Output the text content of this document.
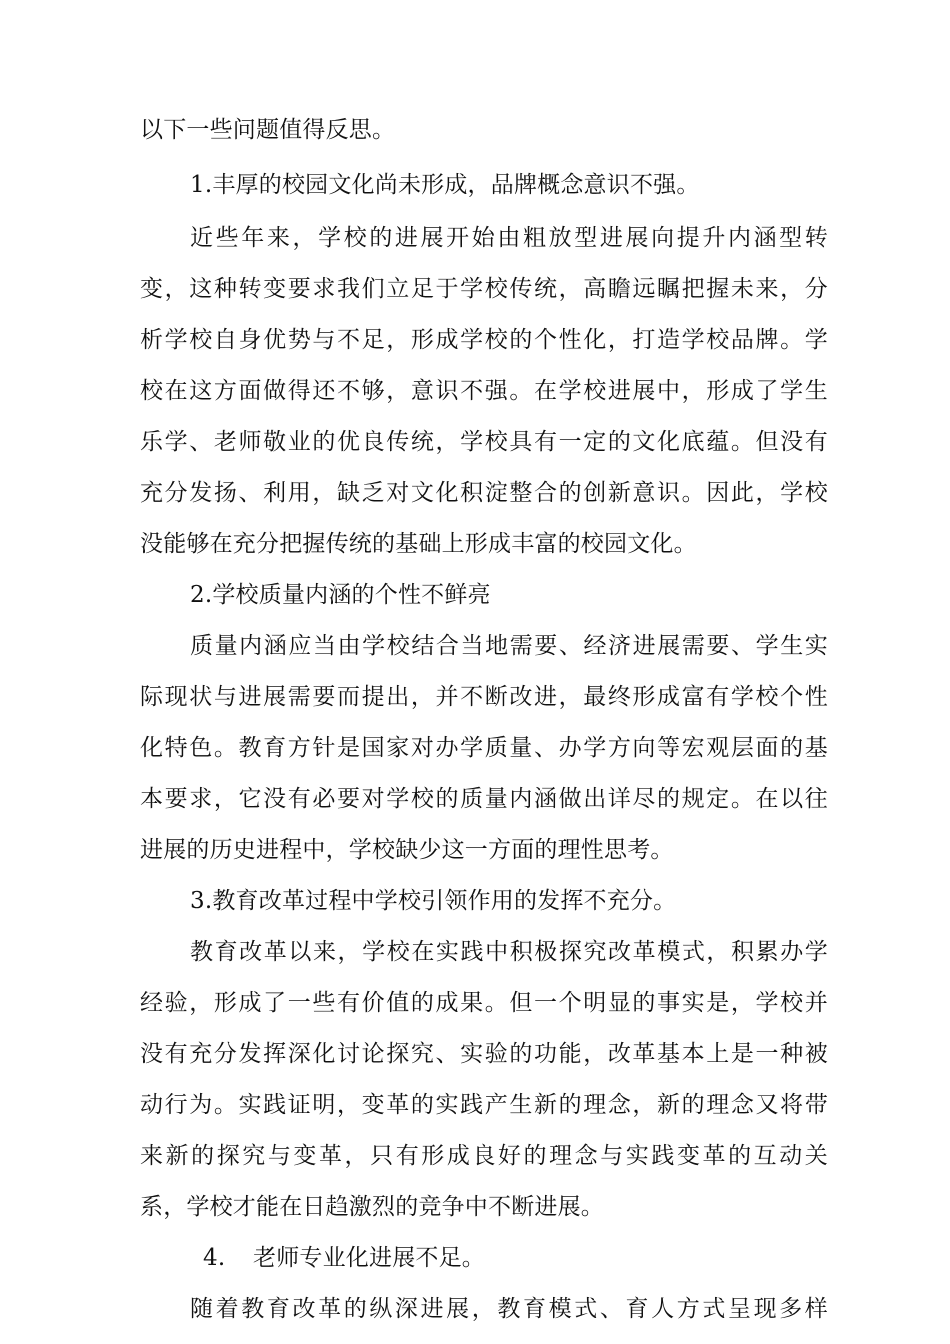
以下一些问题值得反思。
1.丰厚的校园文化尚未形成，品牌概念意识不强。
近些年来，学校的进展开始由粗放型进展向提升内涵型转
变，这种转变要求我们立足于学校传统，高瞻远瞩把握未来，分
析学校自身优势与不足，形成学校的个性化，打造学校品牌。学
校在这方面做得还不够，意识不强。在学校进展中，形成了学生
乐学、老师敬业的优良传统，学校具有一定的文化底蕴。但没有
充分发扬、利用，缺乏对文化积淀整合的创新意识。因此，学校
没能够在充分把握传统的基础上形成丰富的校园文化。
2.学校质量内涵的个性不鲜亮
质量内涵应当由学校结合当地需要、经济进展需要、学生实
际现状与进展需要而提出，并不断改进，最终形成富有学校个性
化特色。教育方针是国家对办学质量、办学方向等宏观层面的基
本要求，它没有必要对学校的质量内涵做出详尽的规定。在以往
进展的历史进程中，学校缺少这一方面的理性思考。
3.教育改革过程中学校引领作用的发挥不充分。
教育改革以来，学校在实践中积极探究改革模式，积累办学
经验，形成了一些有价值的成果。但一个明显的事实是，学校并
没有充分发挥深化讨论探究、实验的功能，改革基本上是一种被
动行为。实践证明，变革的实践产生新的理念，新的理念又将带
来新的探究与变革，只有形成良好的理念与实践变革的互动关
系，学校才能在日趋激烈的竞争中不断进展。
4. 老师专业化进展不足。
随着教育改革的纵深进展，教育模式、育人方式呈现多样
